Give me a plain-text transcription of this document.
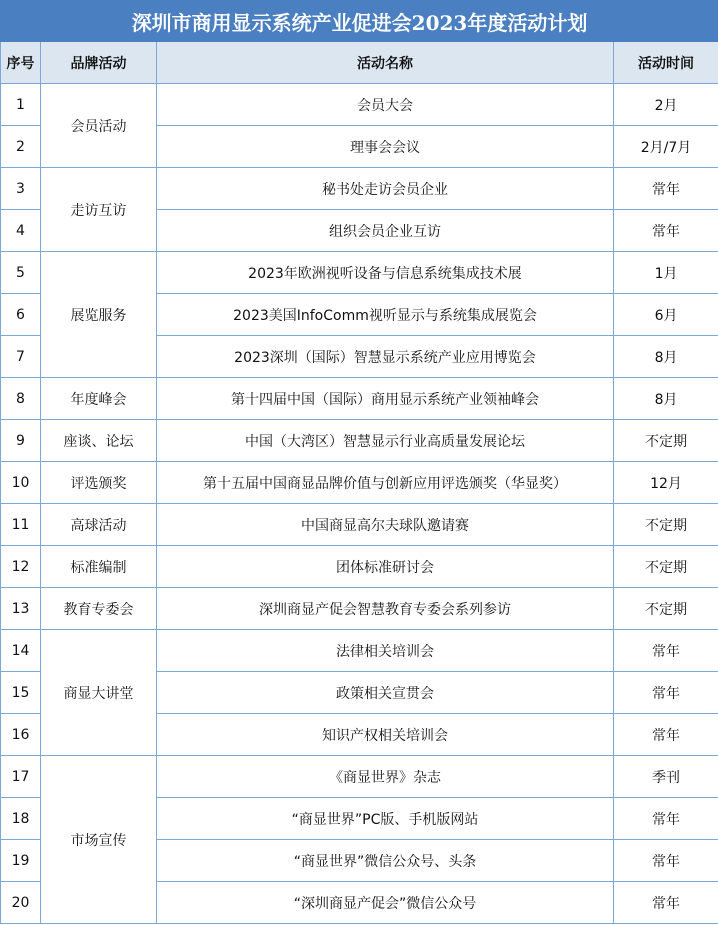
深圳市商用显示系统产业促进会2023年度活动计划			
序号	品牌活动	活动名称	活动时间
1	会员活动	会员大会	2月
2		理事会会议	2月/7月
3	走访互访	秘书处走访会员企业	常年
4		组织会员企业互访	常年
5	展览服务	2023年欧洲视听设备与信息系统集成技术展	1月
6		2023美国InfoComm视听显示与系统集成展览会	6月
7		2023深圳（国际）智慧显示系统产业应用博览会	8月
8	年度峰会	第十四届中国（国际）商用显示系统产业领袖峰会	8月
9	座谈、论坛	中国（大湾区）智慧显示行业高质量发展论坛	不定期
10	评选颁奖	第十五届中国商显品牌价值与创新应用评选颁奖（华显奖）	12月
11	高球活动	中国商显高尔夫球队邀请赛	不定期
12	标准编制	团体标准研讨会	不定期
13	教育专委会	深圳商显产促会智慧教育专委会系列参访	不定期
14	商显大讲堂	法律相关培训会	常年
15		政策相关宣贯会	常年
16		知识产权相关培训会	常年
17	市场宣传	《商显世界》杂志	季刊
18		“商显世界”PC版、手机版网站	常年
19		“商显世界”微信公众号、头条	常年
20		“深圳商显产促会”微信公众号	常年
